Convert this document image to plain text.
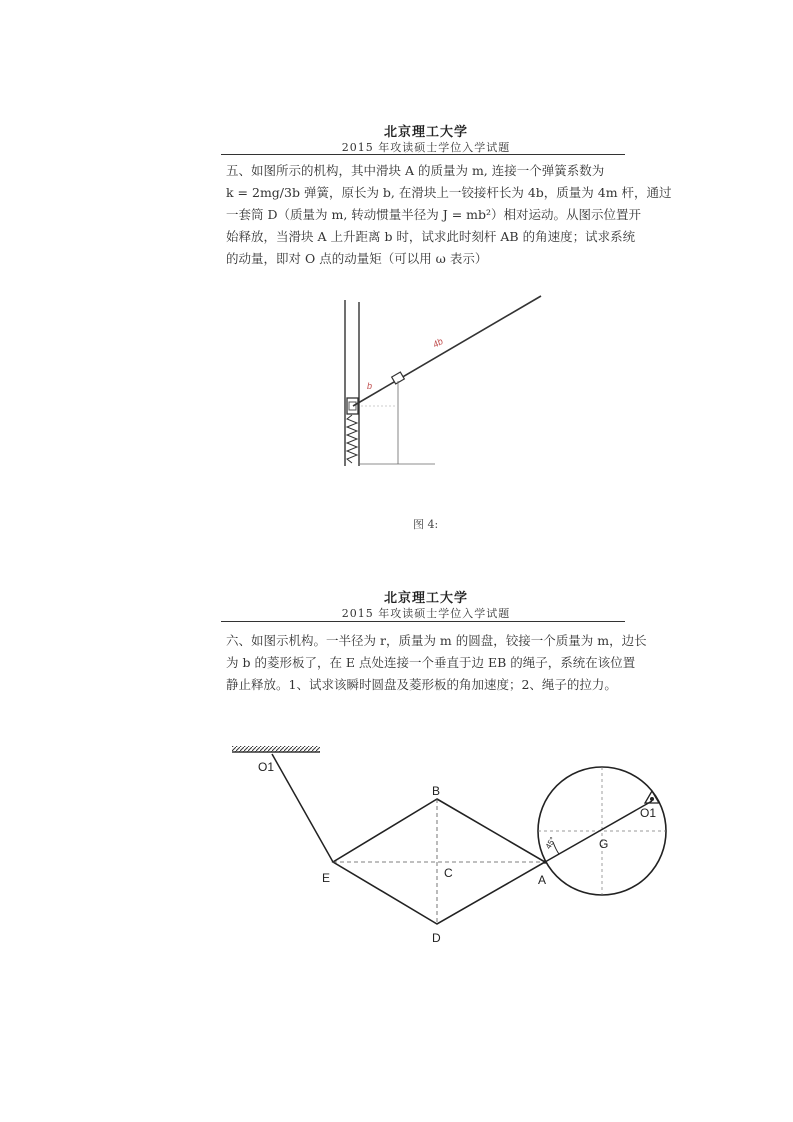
北京理工大学
2015 年攻读硕士学位入学试题
五、如图所示的机构，其中滑块 A 的质量为 m, 连接一个弹簧系数为
k = 2mg/3b 弹簧，原长为 b, 在滑块上一铰接杆长为 4b，质量为 4m 杆，通过
一套筒 D（质量为 m, 转动惯量半径为 J = mb²）相对运动。从图示位置开
始释放，当滑块 A 上升距离 b 时，试求此时刻杆 AB 的角速度；试求系统
的动量，即对 O 点的动量矩（可以用 ω 表示）
b
4b
图 4:
北京理工大学
2015 年攻读硕士学位入学试题
六、如图示机构。一半径为 r，质量为 m 的圆盘，铰接一个质量为 m，边长
为 b 的菱形板了，在 E 点处连接一个垂直于边 EB 的绳子，系统在该位置
静止释放。1、试求该瞬时圆盘及菱形板的角加速度；2、绳子的拉力。
O1
B
E	C	A
D
G
O1
45°
